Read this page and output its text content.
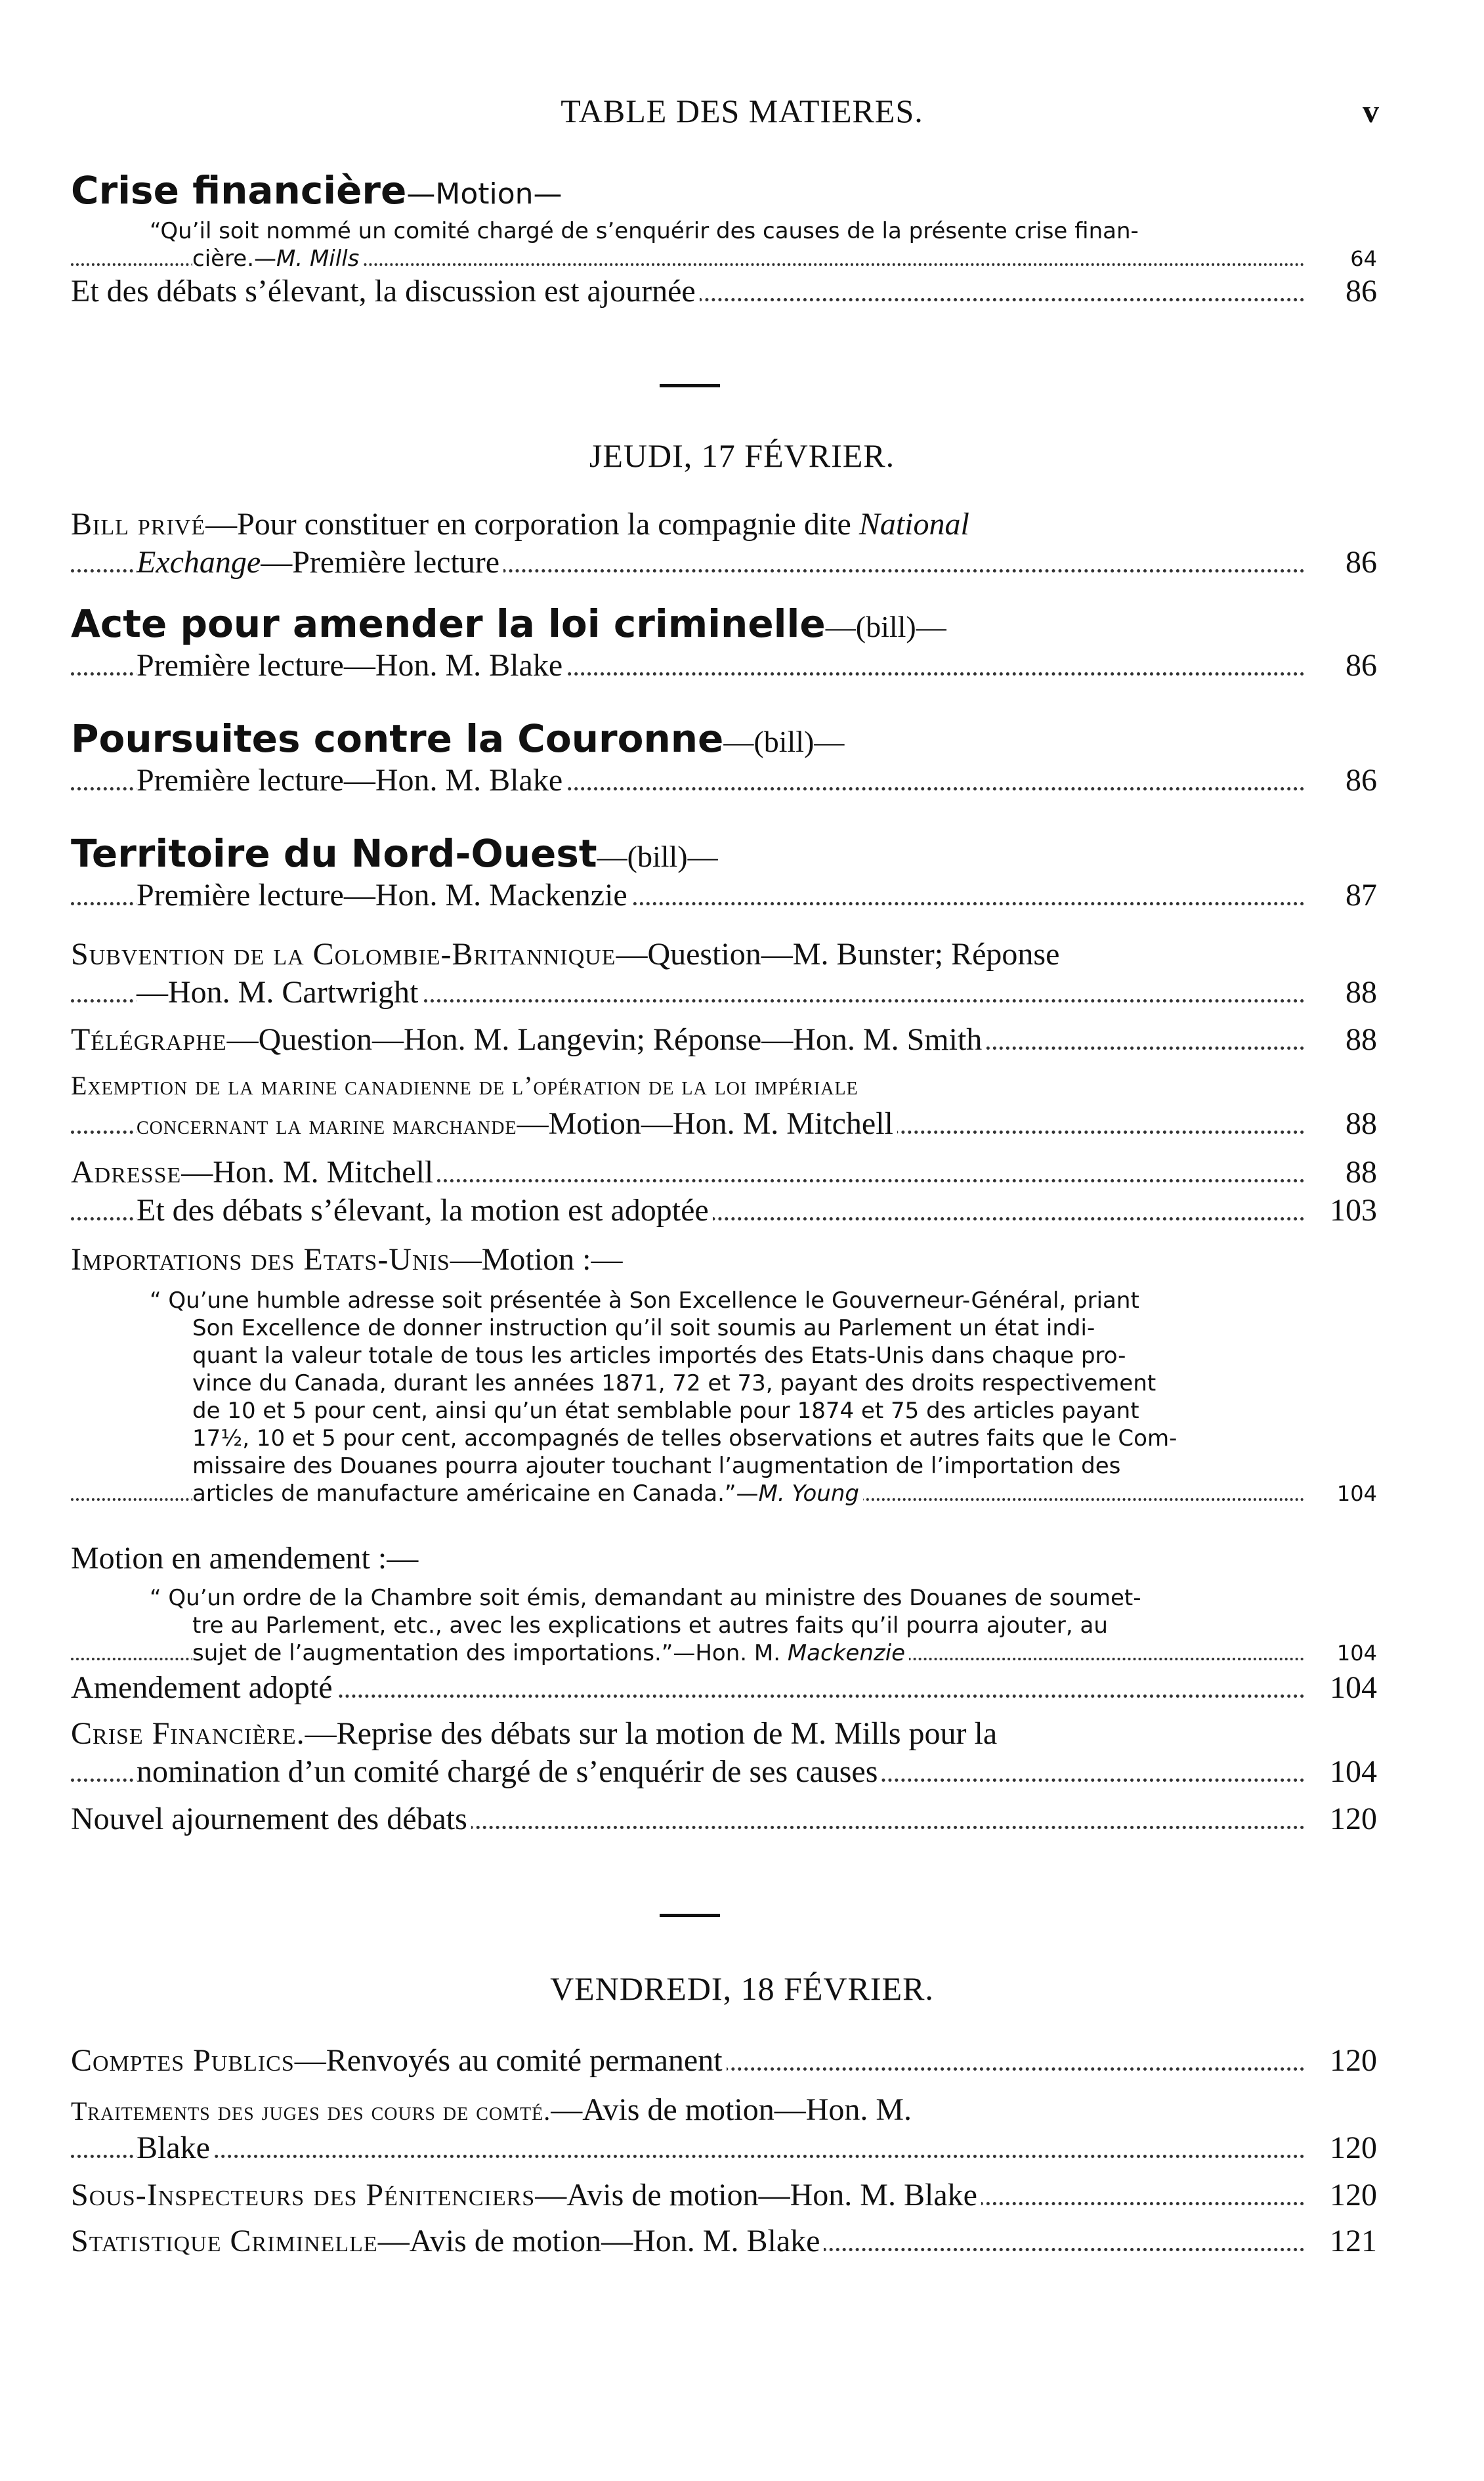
TABLE DES MATIERES.	v
Crise financière—Motion—
“Qu’il soit nommé un comité chargé de s’enquérir des causes de la présente crise finan-
cière.—M. Mills	64
Et des débats s’élevant, la discussion est ajournée	86
JEUDI, 17 FÉVRIER.
Bill privé—Pour constituer en corporation la compagnie dite National
Exchange—Première lecture	86
Acte pour amender la loi criminelle—(bill)—
Première lecture—Hon. M. Blake	86
Poursuites contre la Couronne—(bill)—
Première lecture—Hon. M. Blake	86
Territoire du Nord-Ouest—(bill)—
Première lecture—Hon. M. Mackenzie	87
Subvention de la Colombie-Britannique—Question—M. Bunster; Réponse
—Hon. M. Cartwright	88
Télégraphe—Question—Hon. M. Langevin; Réponse—Hon. M. Smith	88
Exemption de la marine canadienne de l’opération de la loi impériale
concernant la marine marchande—Motion—Hon. M. Mitchell	88
Adresse—Hon. M. Mitchell	88
Et des débats s’élevant, la motion est adoptée	103
Importations des Etats-Unis—Motion :—
“ Qu’une humble adresse soit présentée à Son Excellence le Gouverneur-Général, priant
Son Excellence de donner instruction qu’il soit soumis au Parlement un état indi-
quant la valeur totale de tous les articles importés des Etats-Unis dans chaque pro-
vince du Canada, durant les années 1871, 72 et 73, payant des droits respectivement
de 10 et 5 pour cent, ainsi qu’un état semblable pour 1874 et 75 des articles payant
17½, 10 et 5 pour cent, accompagnés de telles observations et autres faits que le Com-
missaire des Douanes pourra ajouter touchant l’augmentation de l’importation des
articles de manufacture américaine en Canada.”—M. Young	104
Motion en amendement :—
“ Qu’un ordre de la Chambre soit émis, demandant au ministre des Douanes de soumet-
tre au Parlement, etc., avec les explications et autres faits qu’il pourra ajouter, au
sujet de l’augmentation des importations.”—Hon. M. Mackenzie	104
Amendement adopté	104
Crise Financière.—Reprise des débats sur la motion de M. Mills pour la
nomination d’un comité chargé de s’enquérir de ses causes	104
Nouvel ajournement des débats	120
VENDREDI, 18 FÉVRIER.
Comptes Publics—Renvoyés au comité permanent	120
Traitements des juges des cours de comté.—Avis de motion—Hon. M.
Blake	120
Sous-Inspecteurs des Pénitenciers—Avis de motion—Hon. M. Blake	120
Statistique Criminelle—Avis de motion—Hon. M. Blake	121
